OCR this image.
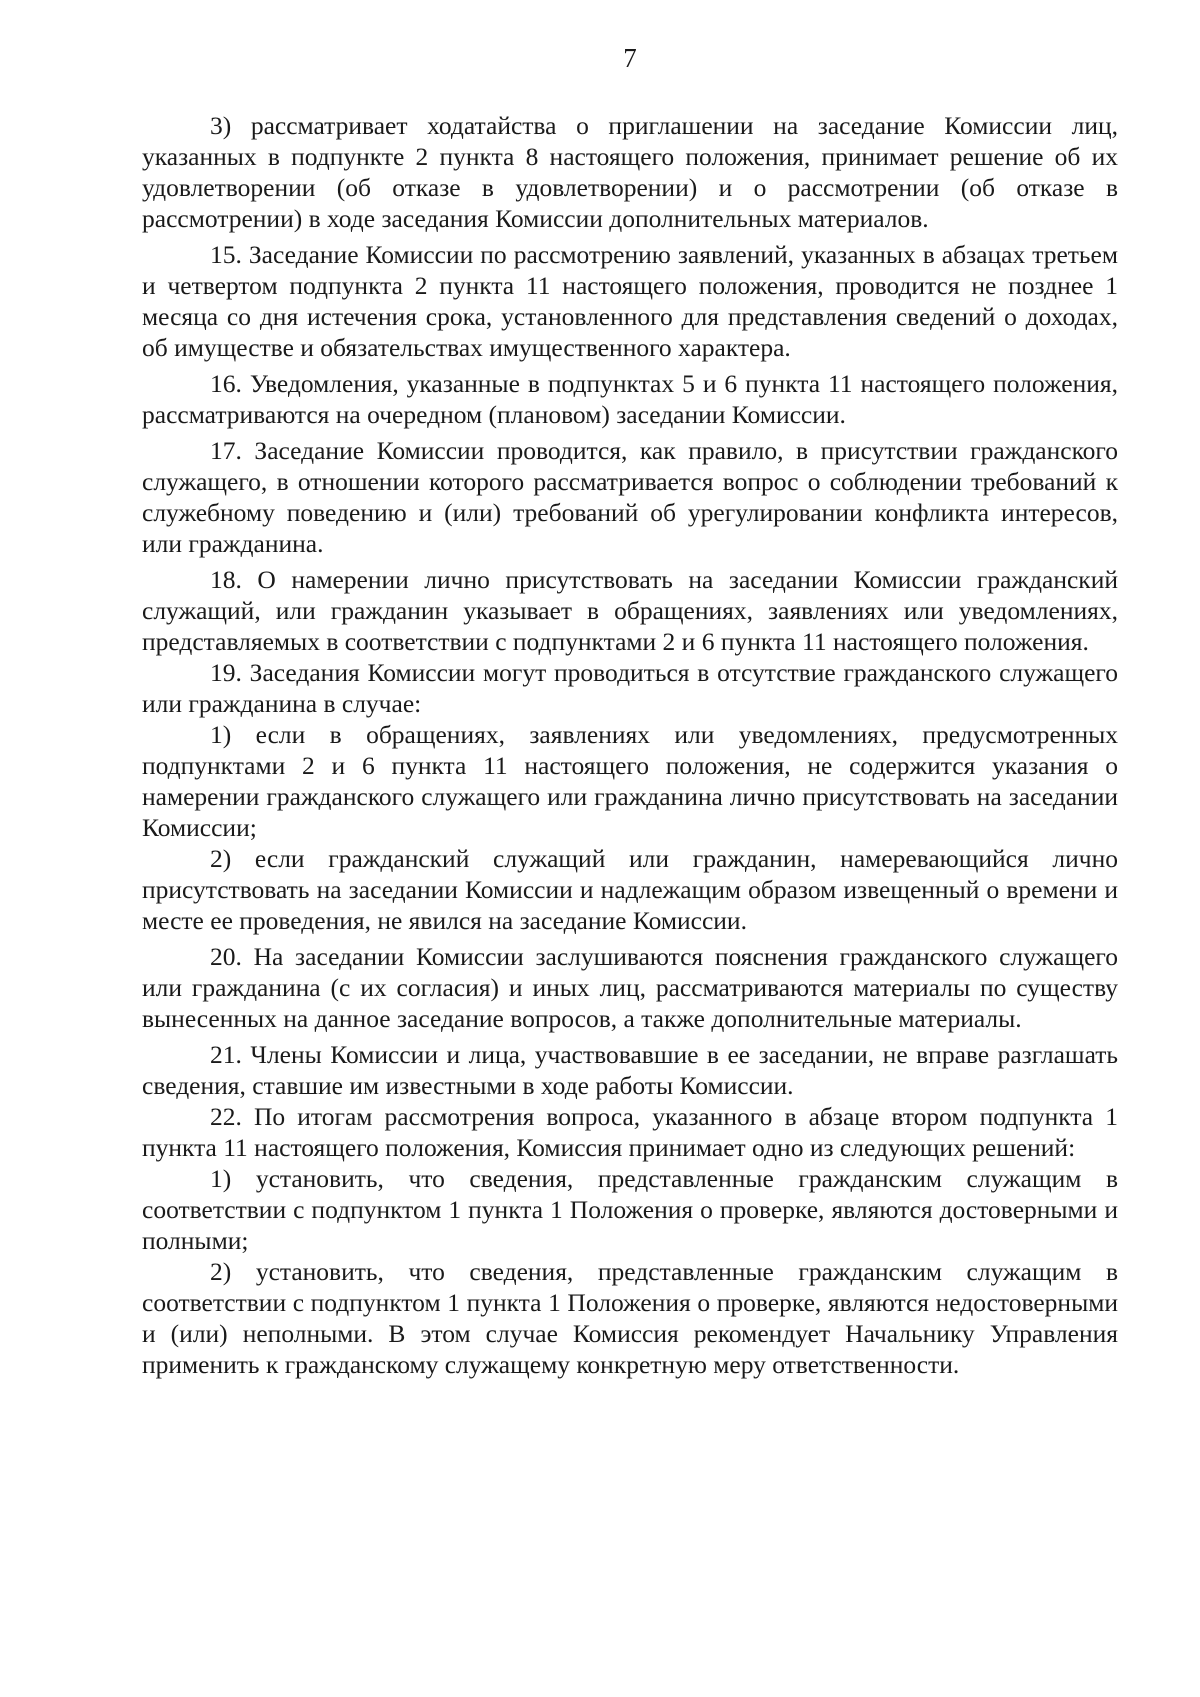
7

3) рассматривает ходатайства о приглашении на заседание Комиссии лиц, указанных в подпункте 2 пункта 8 настоящего положения, принимает решение об их удовлетворении (об отказе в удовлетворении) и о рассмотрении (об отказе в рассмотрении) в ходе заседания Комиссии дополнительных материалов.

15. Заседание Комиссии по рассмотрению заявлений, указанных в абзацах третьем и четвертом подпункта 2 пункта 11 настоящего положения, проводится не позднее 1 месяца со дня истечения срока, установленного для представления сведений о доходах, об имуществе и обязательствах имущественного характера.

16. Уведомления, указанные в подпунктах 5 и 6 пункта 11 настоящего положения, рассматриваются на очередном (плановом) заседании Комиссии.

17. Заседание Комиссии проводится, как правило, в присутствии гражданского служащего, в отношении которого рассматривается вопрос о соблюдении требований к служебному поведению и (или) требований об урегулировании конфликта интересов, или гражданина.

18. О намерении лично присутствовать на заседании Комиссии гражданский служащий, или гражданин указывает в обращениях, заявлениях или уведомлениях, представляемых в соответствии с подпунктами 2 и 6 пункта 11 настоящего положения.

19. Заседания Комиссии могут проводиться в отсутствие гражданского служащего или гражданина в случае:

1) если в обращениях, заявлениях или уведомлениях, предусмотренных подпунктами 2 и 6 пункта 11 настоящего положения, не содержится указания о намерении гражданского служащего или гражданина лично присутствовать на заседании Комиссии;

2) если гражданский служащий или гражданин, намеревающийся лично присутствовать на заседании Комиссии и надлежащим образом извещенный о времени и месте ее проведения, не явился на заседание Комиссии.

20. На заседании Комиссии заслушиваются пояснения гражданского служащего или гражданина (с их согласия) и иных лиц, рассматриваются материалы по существу вынесенных на данное заседание вопросов, а также дополнительные материалы.

21. Члены Комиссии и лица, участвовавшие в ее заседании, не вправе разглашать сведения, ставшие им известными в ходе работы Комиссии.

22. По итогам рассмотрения вопроса, указанного в абзаце втором подпункта 1 пункта 11 настоящего положения, Комиссия принимает одно из следующих решений:

1) установить, что сведения, представленные гражданским служащим в соответствии с подпунктом 1 пункта 1 Положения о проверке, являются достоверными и полными;

2) установить, что сведения, представленные гражданским служащим в соответствии с подпунктом 1 пункта 1 Положения о проверке, являются недостоверными и (или) неполными. В этом случае Комиссия рекомендует Начальнику Управления применить к гражданскому служащему конкретную меру ответственности.
